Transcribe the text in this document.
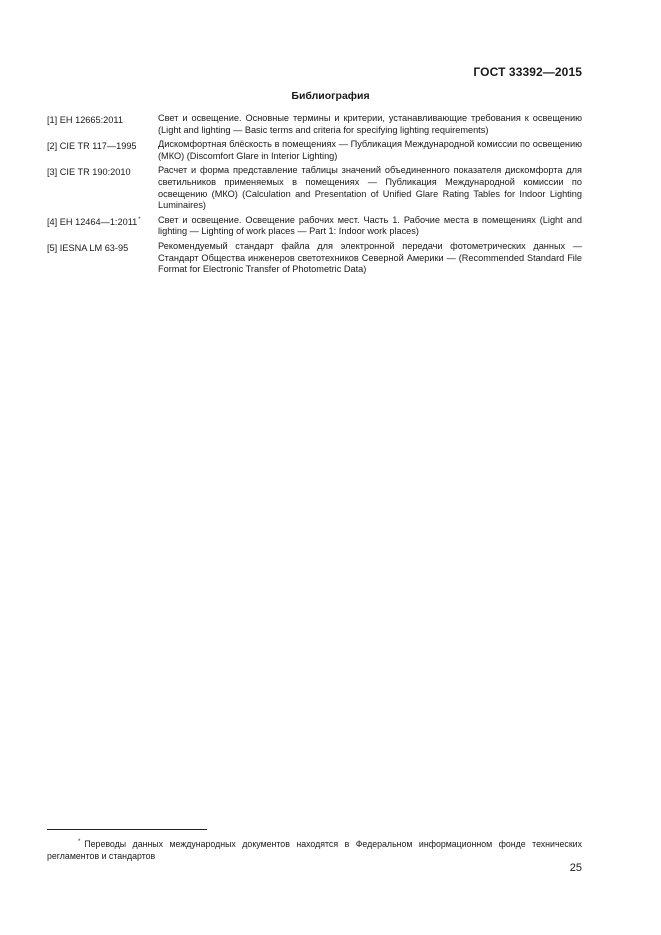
ГОСТ 33392—2015
Библиография
[1] EH 12665:2011	Свет и освещение. Основные термины и критерии, устанавливающие требования к освещению (Light and lighting — Basic terms and criteria for specifying lighting requirements)
[2] CIE TR 117—1995	Дискомфортная блёскость в помещениях — Публикация Международной комиссии по освещению (МКО) (Discomfort Glare in Interior Lighting)
[3] CIE TR 190:2010	Расчет и форма представление таблицы значений объединенного показателя дискомфорта для светильников применяемых в помещениях — Публикация Международной комиссии по освещению (МКО) (Calculation and Presentation of Unified Glare Rating Tables for Indoor Lighting Luminaires)
[4] EH 12464—1:2011*	Свет и освещение. Освещение рабочих мест. Часть 1. Рабочие места в помещениях (Light and lighting — Lighting of work places — Part 1: Indoor work places)
[5] IESNA LM 63-95	Рекомендуемый стандарт файла для электронной передачи фотометрических данных — Стандарт Общества инженеров светотехников Северной Америки — (Recommended Standard File Format for Electronic Transfer of Photometric Data)
* Переводы данных международных документов находятся в Федеральном информационном фонде технических регламентов и стандартов
25
